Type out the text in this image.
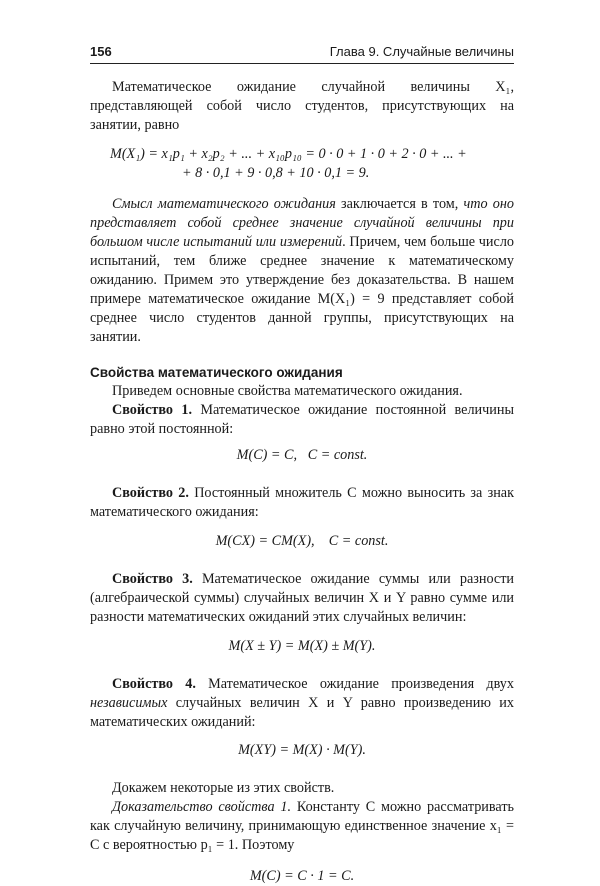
156	Глава 9. Случайные величины

Математическое ожидание случайной величины X₁, представляющей собой число студентов, присутствующих на занятии, равно

M(X₁) = x₁p₁ + x₂p₂ + ... + x₁₀p₁₀ = 0 · 0 + 1 · 0 + 2 · 0 + ... +
+ 8 · 0,1 + 9 · 0,8 + 10 · 0,1 = 9.

Смысл математического ожидания заключается в том, что оно представляет собой среднее значение случайной величины при большом числе испытаний или измерений. Причем, чем больше число испытаний, тем ближе среднее значение к математическому ожиданию. Примем это утверждение без доказательства. В нашем примере математическое ожидание M(X₁) = 9 представляет собой среднее число студентов данной группы, присутствующих на занятии.

Свойства математического ожидания

Приведем основные свойства математического ожидания.

Свойство 1. Математическое ожидание постоянной величины равно этой постоянной:

M(C) = C,   C = const.

Свойство 2. Постоянный множитель C можно выносить за знак математического ожидания:

M(CX) = CM(X),    C = const.

Свойство 3. Математическое ожидание суммы или разности (алгебраической суммы) случайных величин X и Y равно сумме или разности математических ожиданий этих случайных величин:

M(X ± Y) = M(X) ± M(Y).

Свойство 4. Математическое ожидание произведения двух независимых случайных величин X и Y равно произведению их математических ожиданий:

M(XY) = M(X) · M(Y).

Докажем некоторые из этих свойств.

Доказательство свойства 1. Константу C можно рассматривать как случайную величину, принимающую единственное значение x₁ = C с вероятностью p₁ = 1. Поэтому

M(C) = C · 1 = C.
